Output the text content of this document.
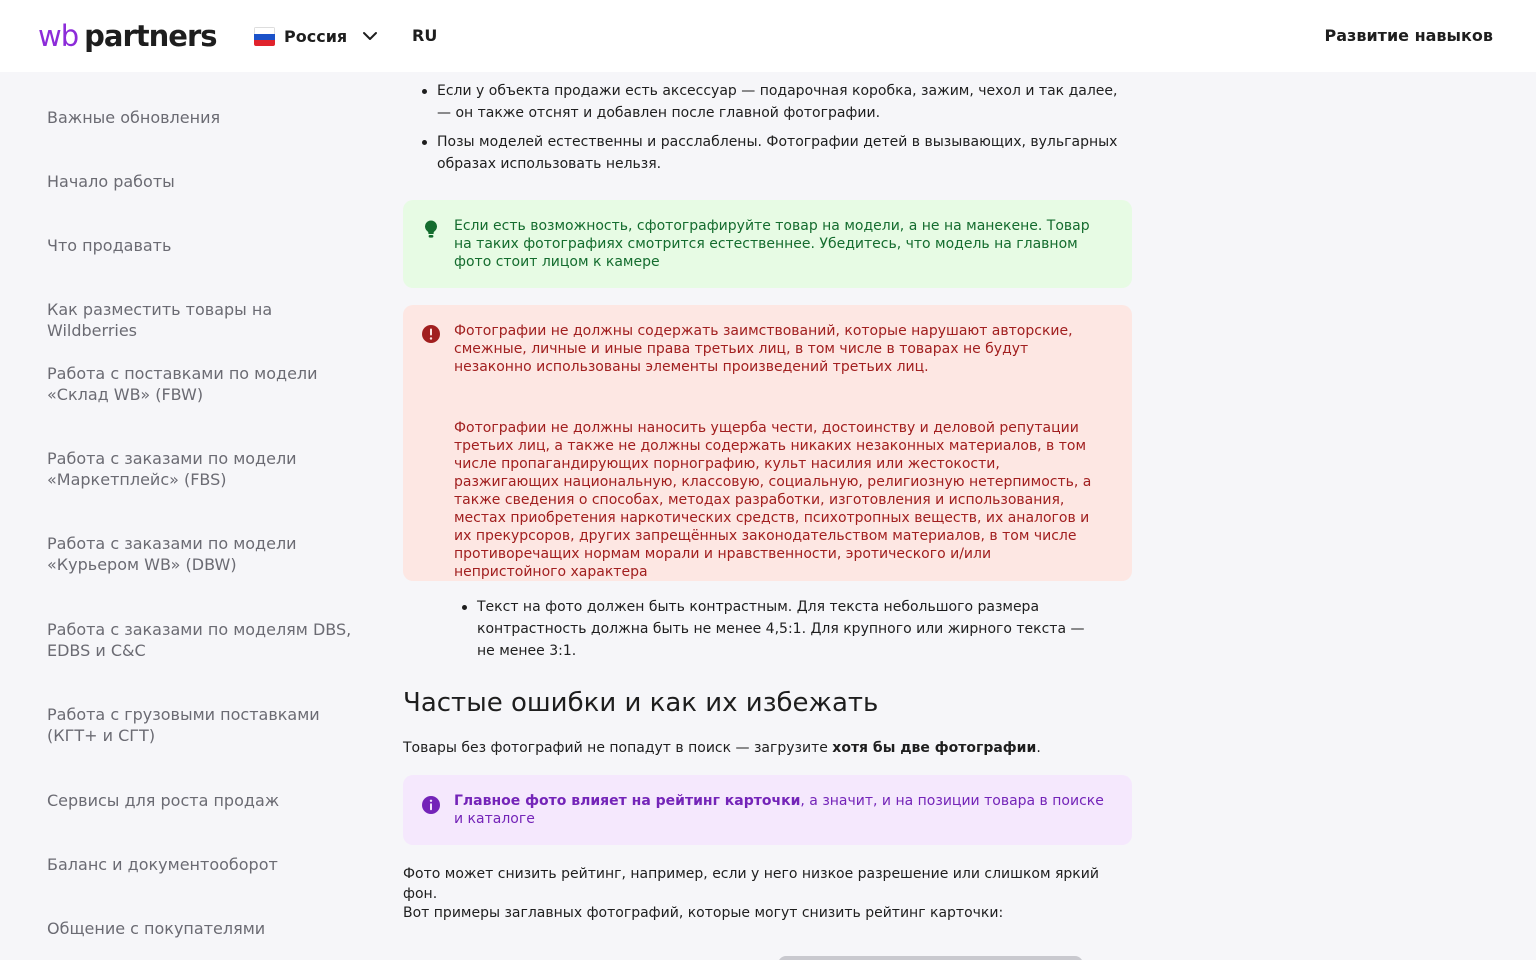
wb partners	Россия	RU	Развитие навыков
Важные обновления
Начало работы
Что продавать
Как разместить товары на Wildberries
Работа с поставками по модели «Склад WB» (FBW)
Работа с заказами по модели «Маркетплейс» (FBS)
Работа с заказами по модели «Курьером WB» (DBW)
Работа с заказами по моделям DBS, EDBS и C&C
Работа с грузовыми поставками (КГТ+ и СГТ)
Сервисы для роста продаж
Баланс и документооборот
Общение с покупателями
Если у объекта продажи есть аксессуар — подарочная коробка, зажим, чехол и так далее, — он также отснят и добавлен после главной фотографии.
Позы моделей естественны и расслаблены. Фотографии детей в вызывающих, вульгарных образах использовать нельзя.
Если есть возможность, сфотографируйте товар на модели, а не на манекене. Товар на таких фотографиях смотрится естественнее. Убедитесь, что модель на главном фото стоит лицом к камере
Фотографии не должны содержать заимствований, которые нарушают авторские, смежные, личные и иные права третьих лиц, в том числе в товарах не будут незаконно использованы элементы произведений третьих лиц.
Фотографии не должны наносить ущерба чести, достоинству и деловой репутации третьих лиц, а также не должны содержать никаких незаконных материалов, в том числе пропагандирующих порнографию, культ насилия или жестокости, разжигающих национальную, классовую, социальную, религиозную нетерпимость, а также сведения о способах, методах разработки, изготовления и использования, местах приобретения наркотических средств, психотропных веществ, их аналогов и их прекурсоров, других запрещённых законодательством материалов, в том числе противоречащих нормам морали и нравственности, эротического и/или непристойного характера
Текст на фото должен быть контрастным. Для текста небольшого размера контрастность должна быть не менее 4,5:1. Для крупного или жирного текста — не менее 3:1.
Частые ошибки и как их избежать

Товары без фотографий не попадут в поиск — загрузите хотя бы две фотографии.

Главное фото влияет на рейтинг карточки, а значит, и на позиции товара в поиске и каталоге

Фото может снизить рейтинг, например, если у него низкое разрешение или слишком яркий фон.

Вот примеры заглавных фотографий, которые могут снизить рейтинг карточки:
